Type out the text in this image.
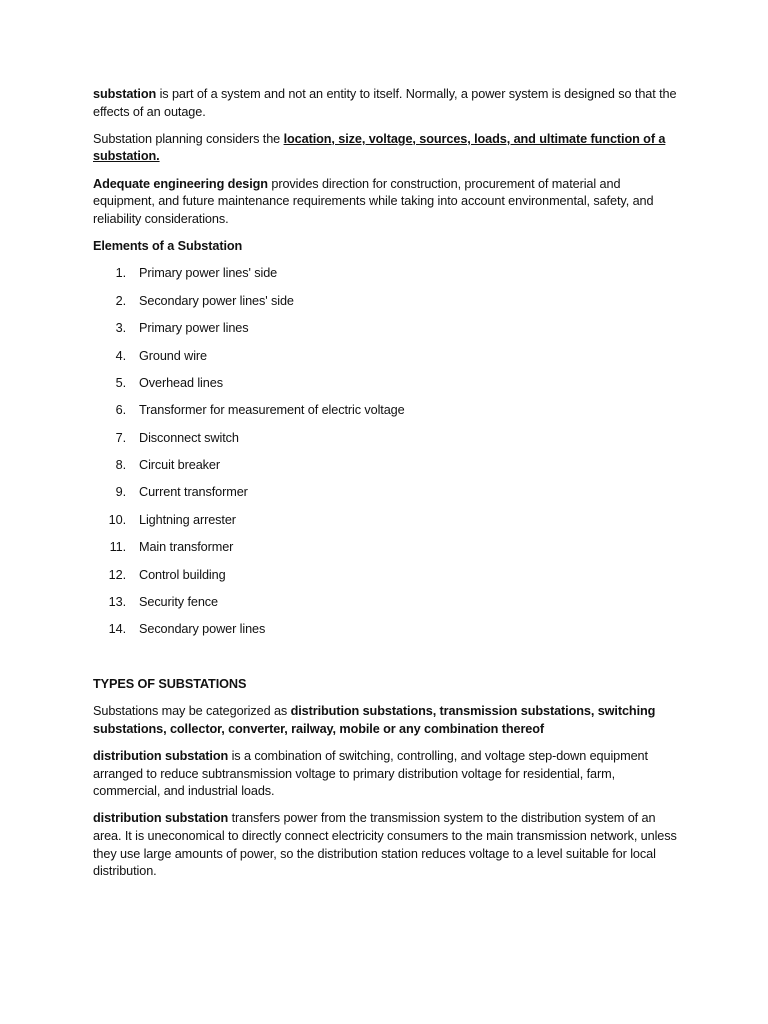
substation is part of a system and not an entity to itself. Normally, a power system is designed so that the effects of an outage.

Substation planning considers the location, size, voltage, sources, loads, and ultimate function of a substation.

Adequate engineering design provides direction for construction, procurement of material and equipment, and future maintenance requirements while taking into account environmental, safety, and reliability considerations.

Elements of a Substation
1. Primary power lines' side
2. Secondary power lines' side
3. Primary power lines
4. Ground wire
5. Overhead lines
6. Transformer for measurement of electric voltage
7. Disconnect switch
8. Circuit breaker
9. Current transformer
10. Lightning arrester
11. Main transformer
12. Control building
13. Security fence
14. Secondary power lines
TYPES OF SUBSTATIONS

Substations may be categorized as distribution substations, transmission substations, switching substations, collector, converter, railway, mobile or any combination thereof

distribution substation is a combination of switching, controlling, and voltage step-down equipment arranged to reduce subtransmission voltage to primary distribution voltage for residential, farm, commercial, and industrial loads.

distribution substation transfers power from the transmission system to the distribution system of an area. It is uneconomical to directly connect electricity consumers to the main transmission network, unless they use large amounts of power, so the distribution station reduces voltage to a level suitable for local distribution.
